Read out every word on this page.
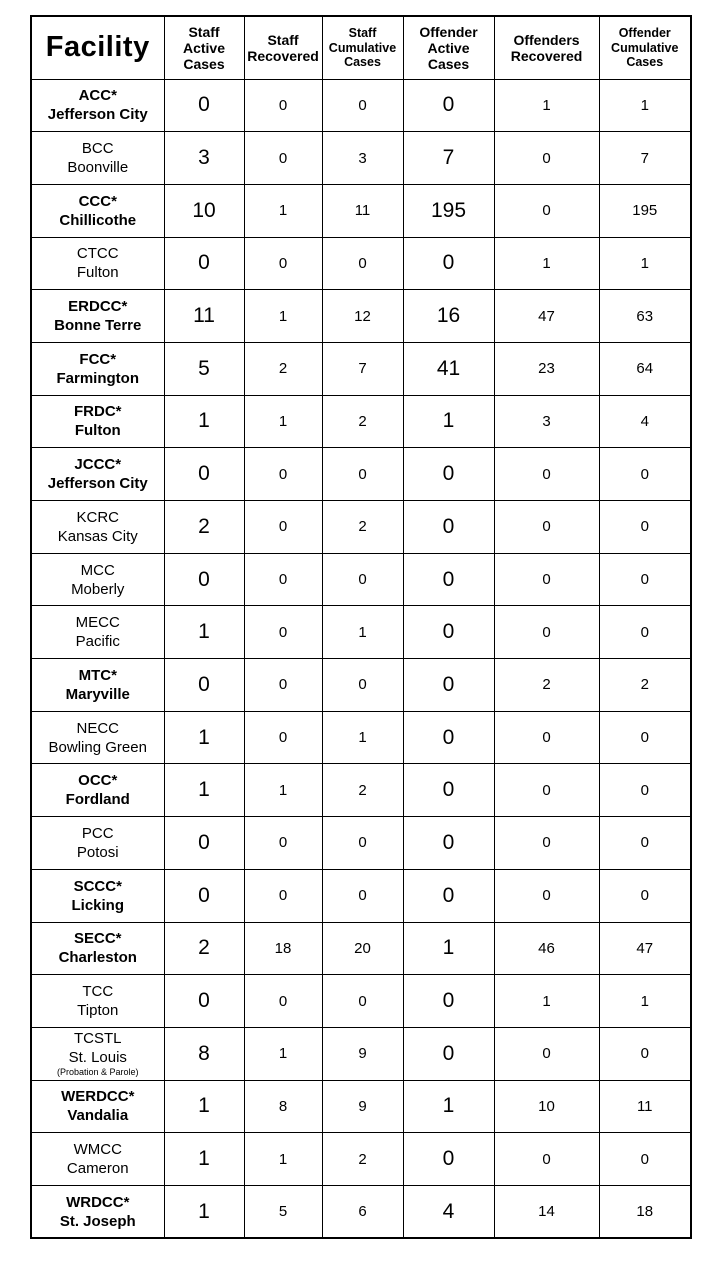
Facility	Staff Active Cases	Staff Recovered	Staff Cumulative Cases	Offender Active Cases	Offenders Recovered	Offender Cumulative Cases

ACC*
Jefferson City	0	0	0	0	1	1

BCC
Boonville	3	0	3	7	0	7

CCC*
Chillicothe	10	1	11	195	0	195

CTCC
Fulton	0	0	0	0	1	1

ERDCC*
Bonne Terre	11	1	12	16	47	63

FCC*
Farmington	5	2	7	41	23	64

FRDC*
Fulton	1	1	2	1	3	4

JCCC*
Jefferson City	0	0	0	0	0	0

KCRC
Kansas City	2	0	2	0	0	0

MCC
Moberly	0	0	0	0	0	0

MECC
Pacific	1	0	1	0	0	0

MTC*
Maryville	0	0	0	0	2	2

NECC
Bowling Green	1	0	1	0	0	0

OCC*
Fordland	1	1	2	0	0	0

PCC
Potosi	0	0	0	0	0	0

SCCC*
Licking	0	0	0	0	0	0

SECC*
Charleston	2	18	20	1	46	47

TCC
Tipton	0	0	0	0	1	1

TCSTL
St. Louis
(Probation & Parole)	8	1	9	0	0	0

WERDCC*
Vandalia	1	8	9	1	10	11

WMCC
Cameron	1	1	2	0	0	0

WRDCC*
St. Joseph	1	5	6	4	14	18
